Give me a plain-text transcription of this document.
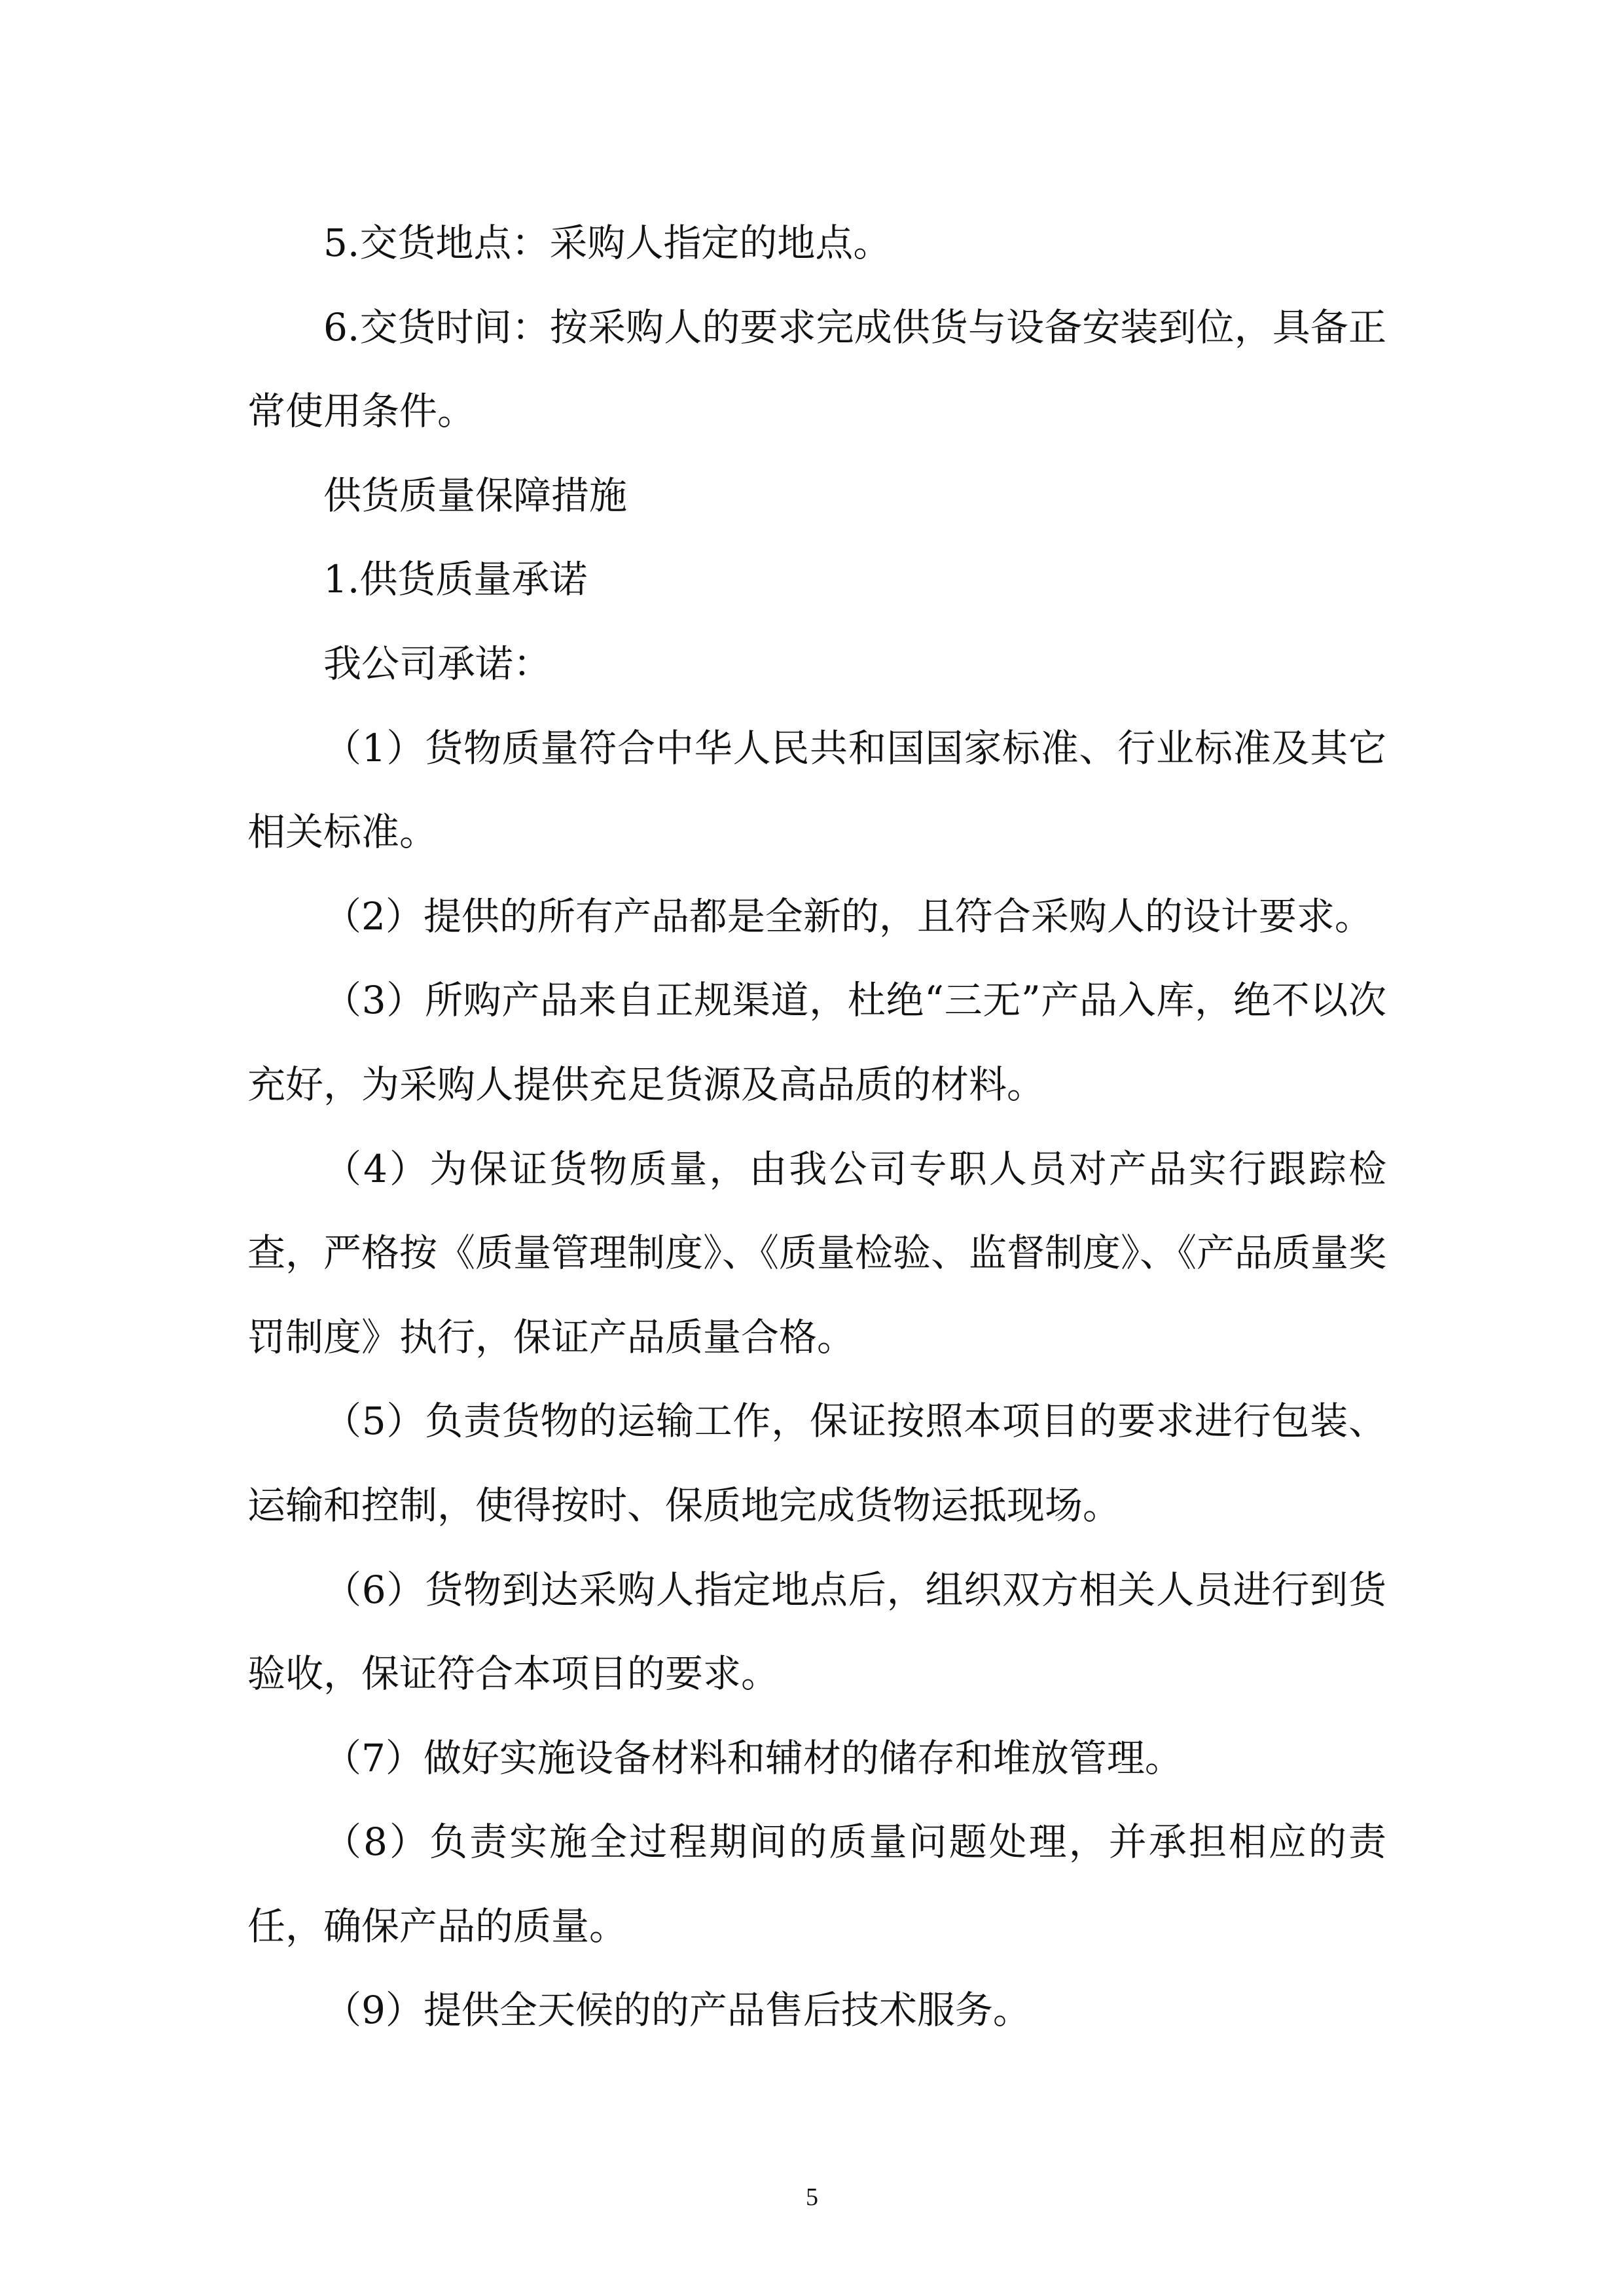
5.交货地点：采购人指定的地点。

6.交货时间：按采购人的要求完成供货与设备安装到位，具备正常使用条件。

供货质量保障措施

1.供货质量承诺

我公司承诺：

（1）货物质量符合中华人民共和国国家标准、行业标准及其它相关标准。

（2）提供的所有产品都是全新的，且符合采购人的设计要求。

（3）所购产品来自正规渠道，杜绝“三无”产品入库，绝不以次充好，为采购人提供充足货源及高品质的材料。

（4）为保证货物质量，由我公司专职人员对产品实行跟踪检查，严格按《质量管理制度》、《质量检验、监督制度》、《产品质量奖罚制度》执行，保证产品质量合格。

（5）负责货物的运输工作，保证按照本项目的要求进行包装、运输和控制，使得按时、保质地完成货物运抵现场。

（6）货物到达采购人指定地点后，组织双方相关人员进行到货验收，保证符合本项目的要求。

（7）做好实施设备材料和辅材的储存和堆放管理。

（8）负责实施全过程期间的质量问题处理，并承担相应的责任，确保产品的质量。

（9）提供全天候的的产品售后技术服务。

5
